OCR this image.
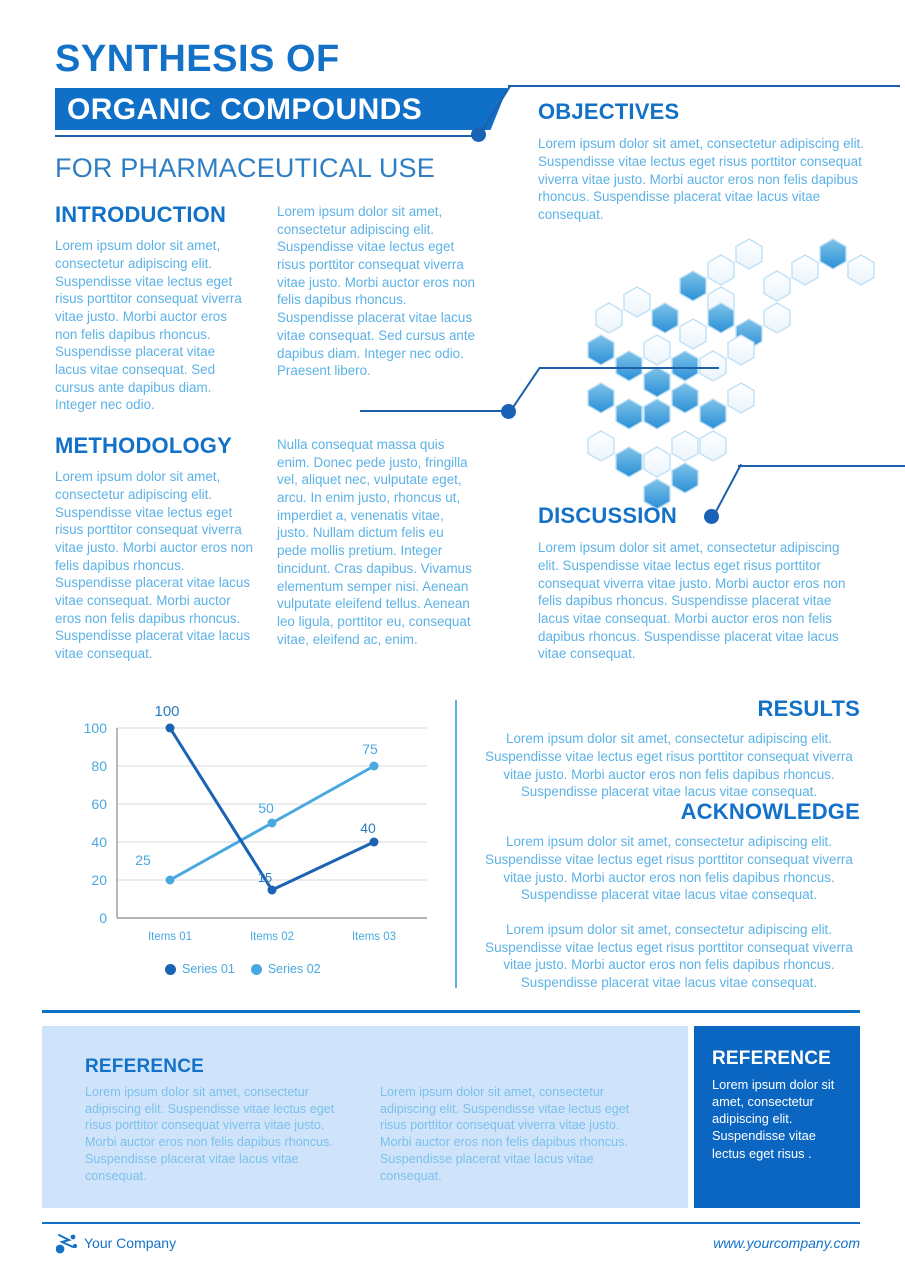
SYNTHESIS OF
ORGANIC COMPOUNDS
FOR PHARMACEUTICAL USE
OBJECTIVES
Lorem ipsum dolor sit amet, consectetur adipiscing elit. Suspendisse vitae lectus eget risus porttitor consequat viverra vitae justo. Morbi auctor eros non felis dapibus rhoncus. Suspendisse placerat vitae lacus vitae consequat.
INTRODUCTION
Lorem ipsum dolor sit amet, consectetur adipiscing elit. Suspendisse vitae lectus eget risus porttitor consequat viverra vitae justo. Morbi auctor eros non felis dapibus rhoncus. Suspendisse placerat vitae lacus vitae consequat. Sed cursus ante dapibus diam. Integer nec odio.
Lorem ipsum dolor sit amet, consectetur adipiscing elit. Suspendisse vitae lectus eget risus porttitor consequat viverra vitae justo. Morbi auctor eros non felis dapibus rhoncus. Suspendisse placerat vitae lacus vitae consequat. Sed cursus ante dapibus diam. Integer nec odio. Praesent libero.
METHODOLOGY
Lorem ipsum dolor sit amet, consectetur adipiscing elit. Suspendisse vitae lectus eget risus porttitor consequat viverra vitae justo. Morbi auctor eros non felis dapibus rhoncus. Suspendisse placerat vitae lacus vitae consequat. Morbi auctor eros non felis dapibus rhoncus. Suspendisse placerat vitae lacus vitae consequat.
Nulla consequat massa quis enim. Donec pede justo, fringilla vel, aliquet nec, vulputate eget, arcu. In enim justo, rhoncus ut, imperdiet a, venenatis vitae, justo. Nullam dictum felis eu pede mollis pretium. Integer tincidunt. Cras dapibus. Vivamus elementum semper nisi. Aenean vulputate eleifend tellus. Aenean leo ligula, porttitor eu, consequat vitae, eleifend ac, enim.
DISCUSSION
Lorem ipsum dolor sit amet, consectetur adipiscing elit. Suspendisse vitae lectus eget risus porttitor consequat viverra vitae justo. Morbi auctor eros non felis dapibus rhoncus. Suspendisse placerat vitae lacus vitae consequat. Morbi auctor eros non felis dapibus rhoncus. Suspendisse placerat vitae lacus vitae consequat.
100
80
60
40
20
0
Items 01	Items 02	Items 03
100
15
40
25
50
75
Series 01	Series 02
RESULTS
Lorem ipsum dolor sit amet, consectetur adipiscing elit. Suspendisse vitae lectus eget risus porttitor consequat viverra vitae justo. Morbi auctor eros non felis dapibus rhoncus. Suspendisse placerat vitae lacus vitae consequat.
ACKNOWLEDGE
Lorem ipsum dolor sit amet, consectetur adipiscing elit. Suspendisse vitae lectus eget risus porttitor consequat viverra vitae justo. Morbi auctor eros non felis dapibus rhoncus. Suspendisse placerat vitae lacus vitae consequat.
Lorem ipsum dolor sit amet, consectetur adipiscing elit. Suspendisse vitae lectus eget risus porttitor consequat viverra vitae justo. Morbi auctor eros non felis dapibus rhoncus. Suspendisse placerat vitae lacus vitae consequat.
REFERENCE
Lorem ipsum dolor sit amet, consectetur adipiscing elit. Suspendisse vitae lectus eget risus porttitor consequat viverra vitae justo. Morbi auctor eros non felis dapibus rhoncus. Suspendisse placerat vitae lacus vitae consequat.
Lorem ipsum dolor sit amet, consectetur adipiscing elit. Suspendisse vitae lectus eget risus porttitor consequat viverra vitae justo. Morbi auctor eros non felis dapibus rhoncus. Suspendisse placerat vitae lacus vitae consequat.
REFERENCE
Lorem ipsum dolor sit amet, consectetur adipiscing elit. Suspendisse vitae lectus eget risus .
Your Company	www.yourcompany.com
